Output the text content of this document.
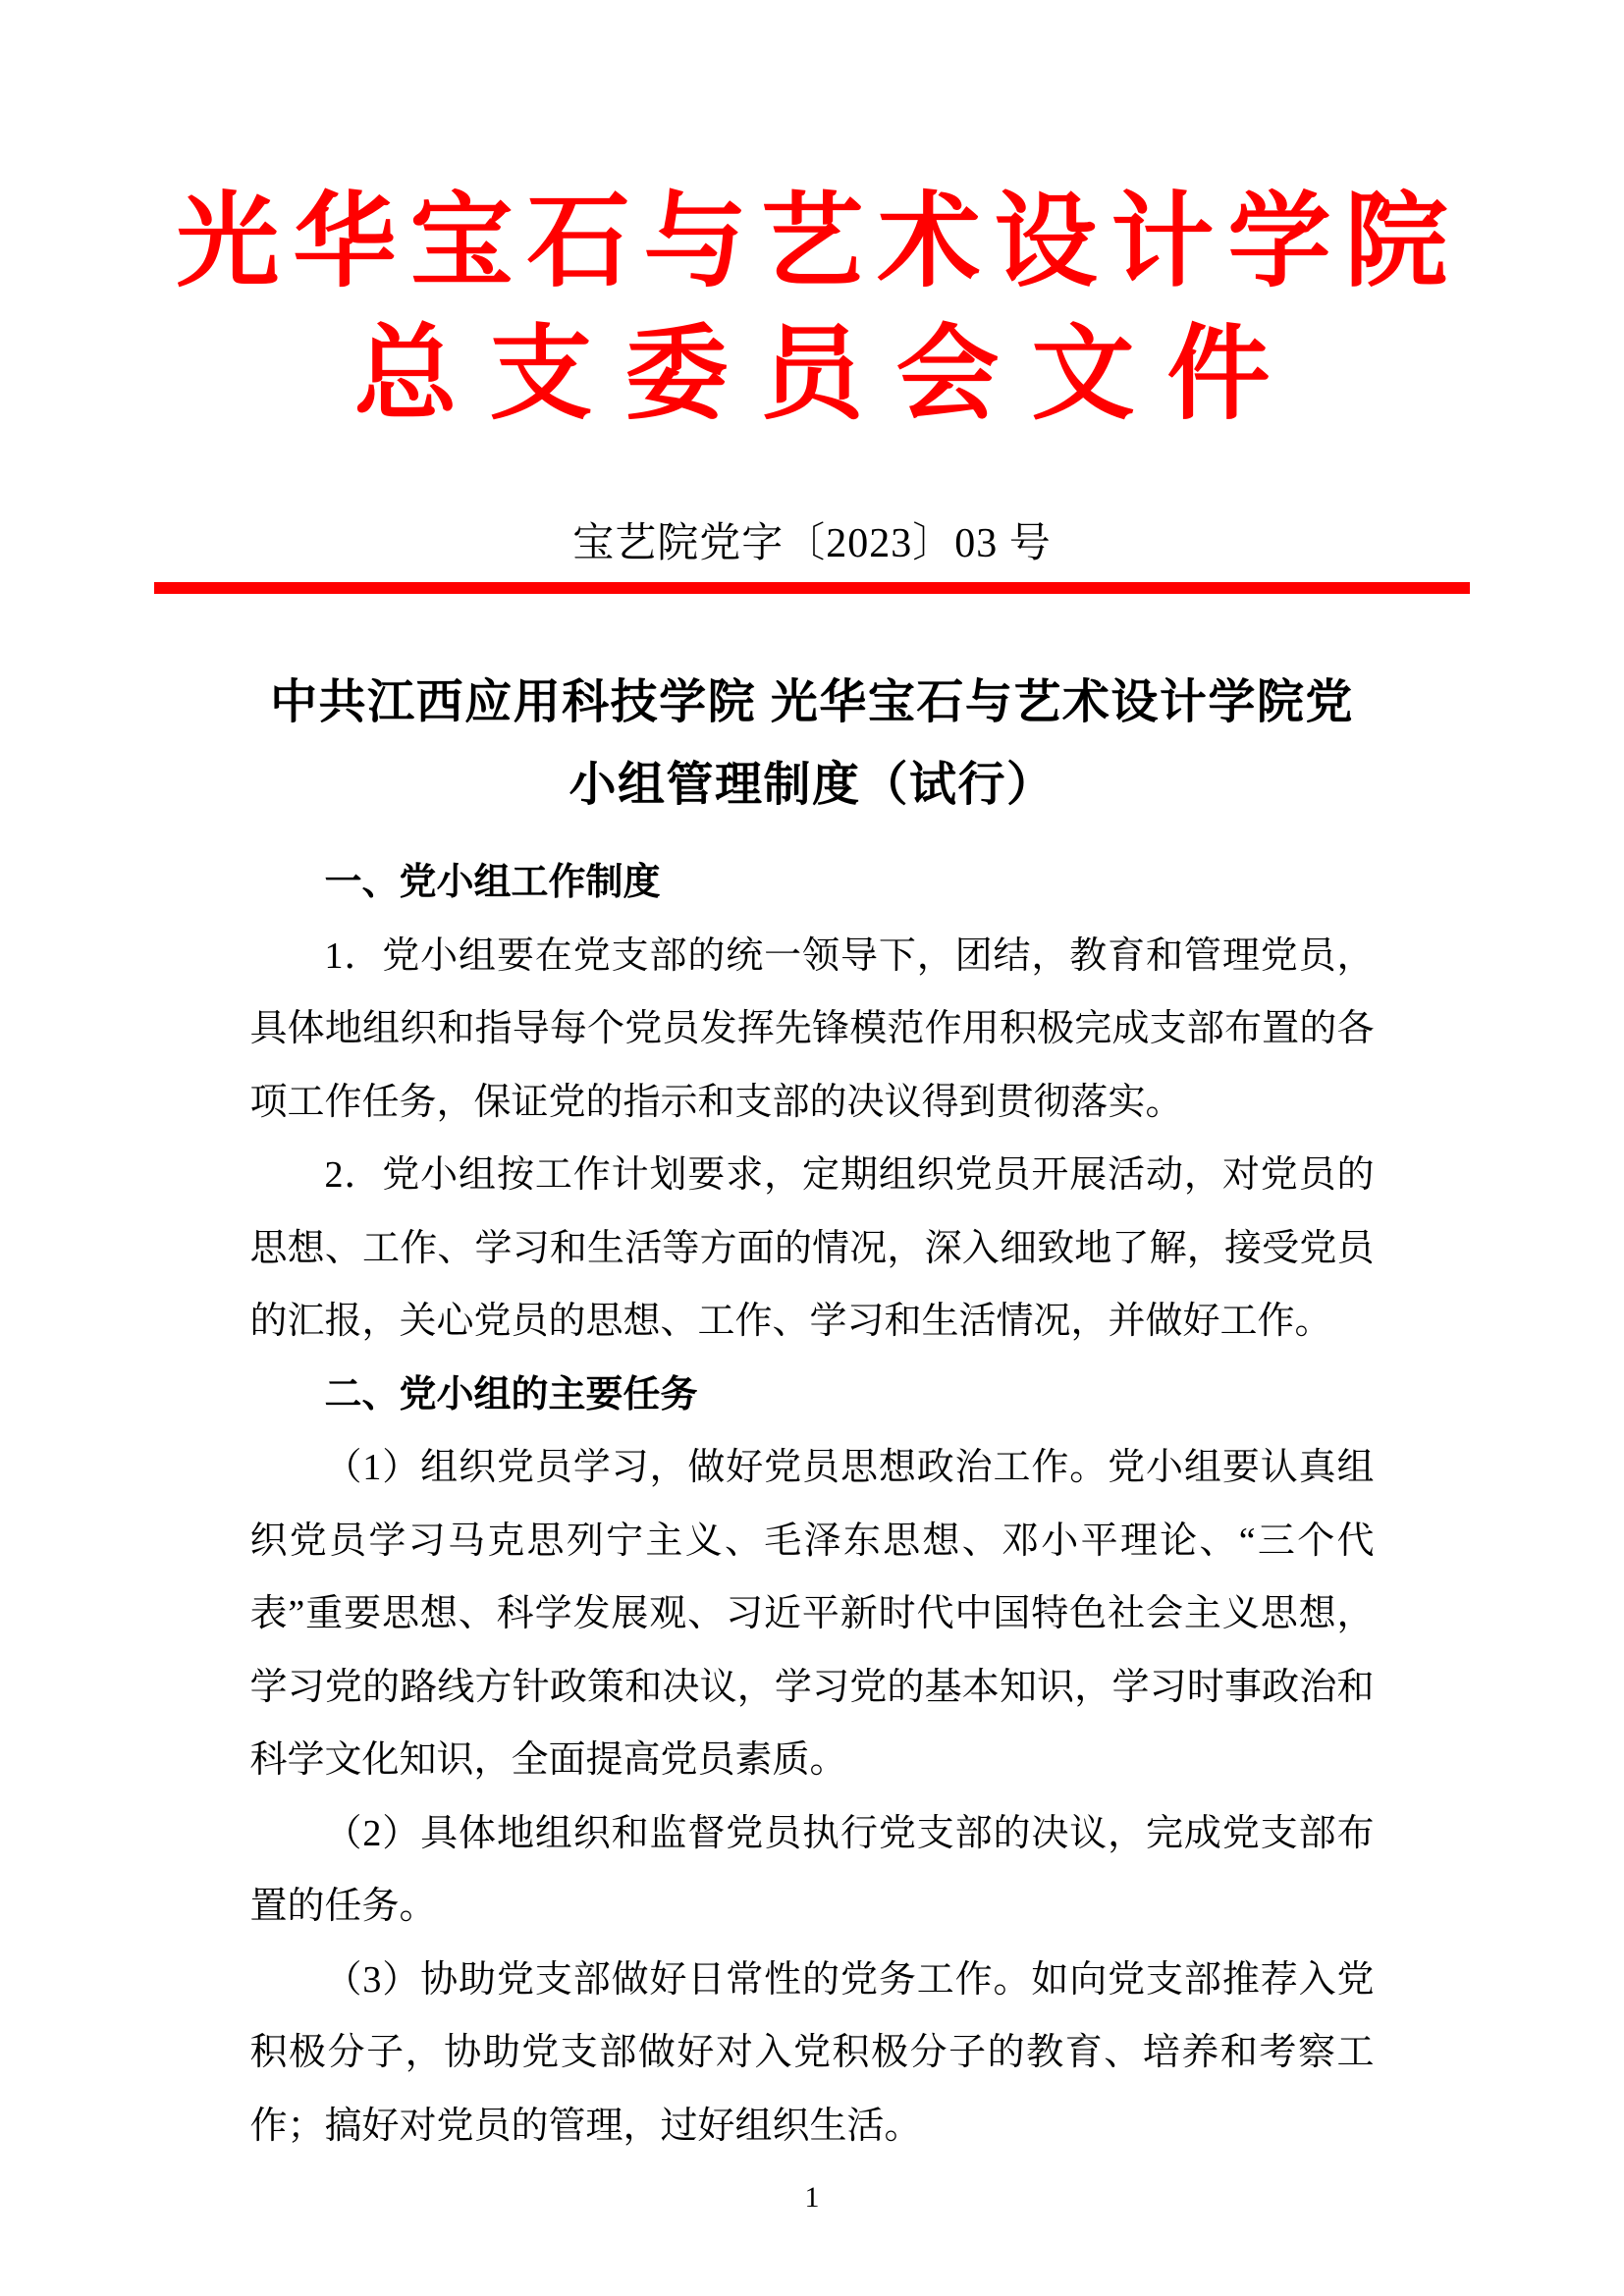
光华宝石与艺术设计学院
总支委员会文件
宝艺院党字〔2023〕03 号
中共江西应用科技学院 光华宝石与艺术设计学院党
小组管理制度（试行）

一、党小组工作制度

1．党小组要在党支部的统一领导下，团结，教育和管理党员，具体地组织和指导每个党员发挥先锋模范作用积极完成支部布置的各项工作任务，保证党的指示和支部的决议得到贯彻落实。

2．党小组按工作计划要求，定期组织党员开展活动，对党员的思想、工作、学习和生活等方面的情况，深入细致地了解，接受党员的汇报，关心党员的思想、工作、学习和生活情况，并做好工作。

二、党小组的主要任务

（1）组织党员学习，做好党员思想政治工作。党小组要认真组织党员学习马克思列宁主义、毛泽东思想、邓小平理论、“三个代表”重要思想、科学发展观、习近平新时代中国特色社会主义思想，学习党的路线方针政策和决议，学习党的基本知识，学习时事政治和科学文化知识，全面提高党员素质。

（2）具体地组织和监督党员执行党支部的决议，完成党支部布置的任务。

（3）协助党支部做好日常性的党务工作。如向党支部推荐入党积极分子，协助党支部做好对入党积极分子的教育、培养和考察工作；搞好对党员的管理，过好组织生活。

1
